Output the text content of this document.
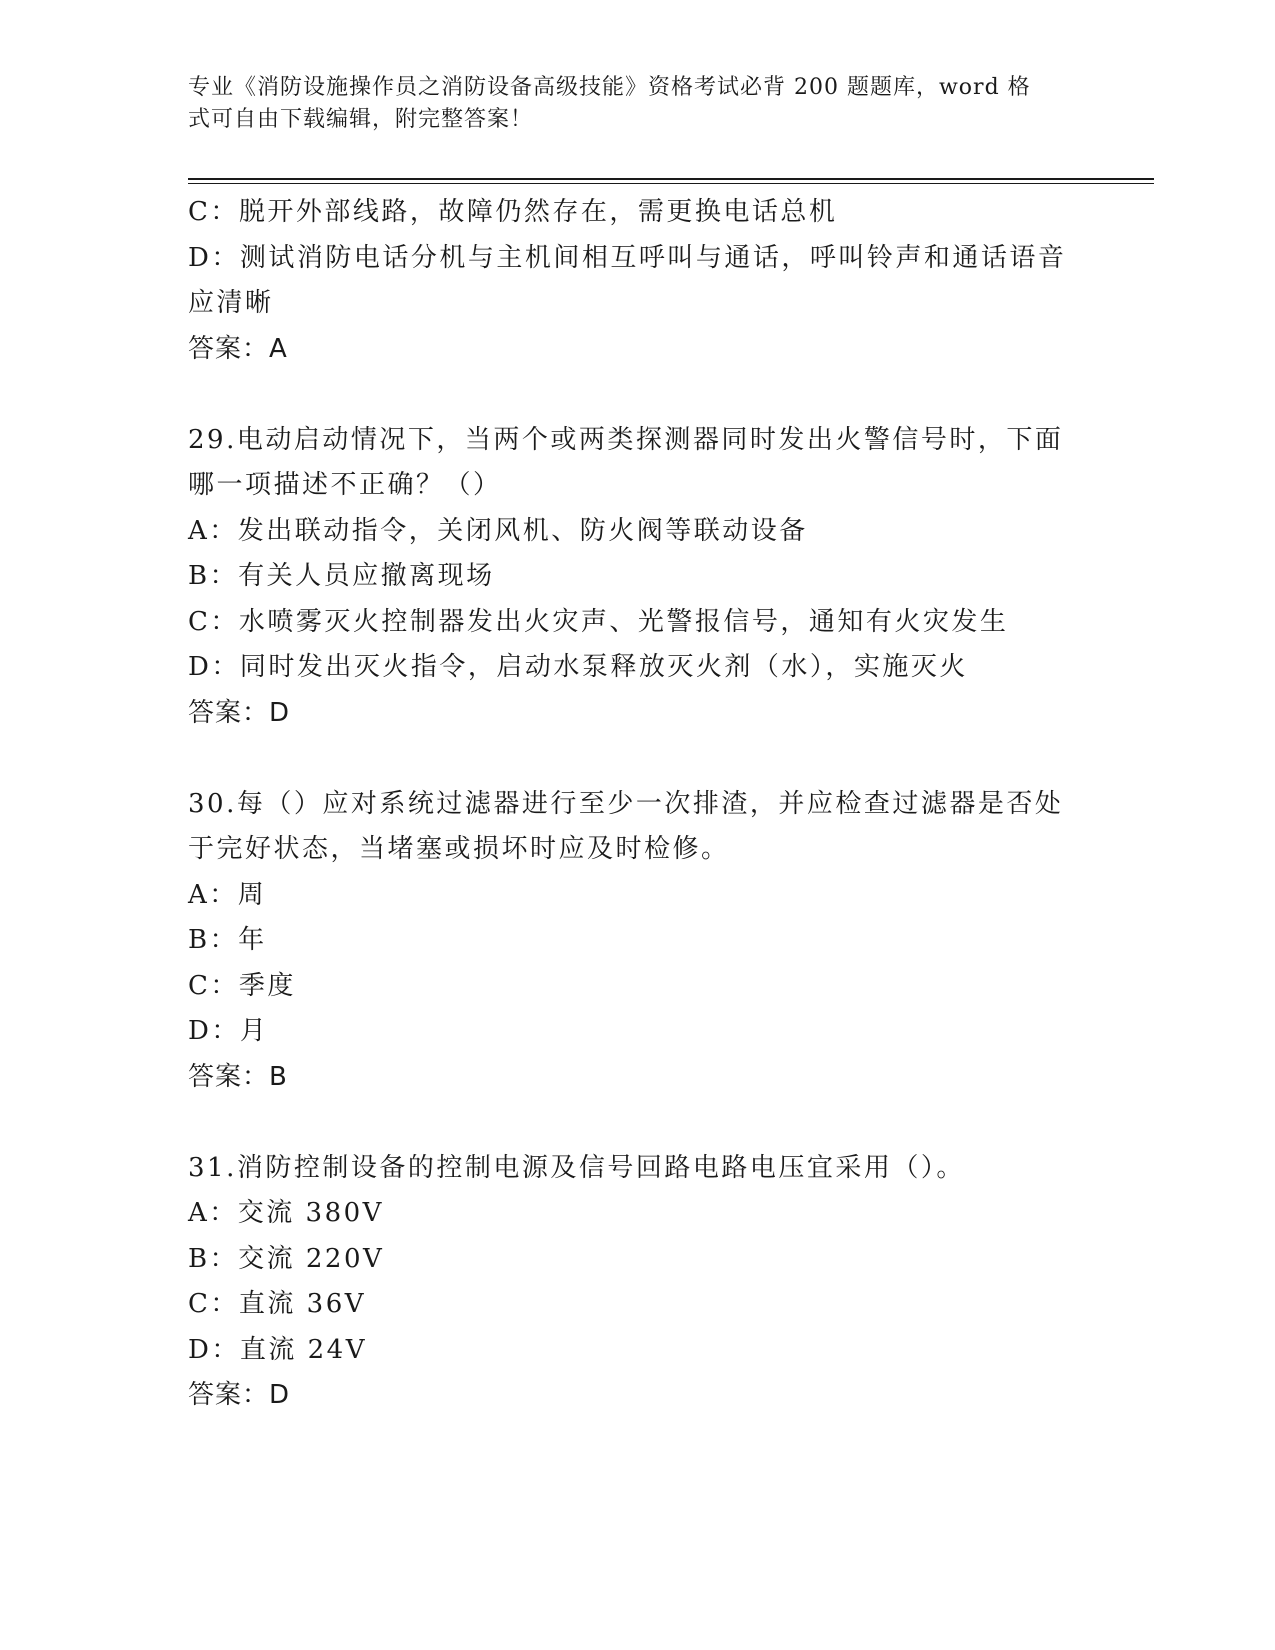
专业《消防设施操作员之消防设备高级技能》资格考试必背 200 题题库，word 格
式可自由下载编辑，附完整答案！
C：脱开外部线路，故障仍然存在，需更换电话总机
D：测试消防电话分机与主机间相互呼叫与通话，呼叫铃声和通话语音
应清晰
答案：A
29.电动启动情况下，当两个或两类探测器同时发出火警信号时，下面
哪一项描述不正确？（）
A：发出联动指令，关闭风机、防火阀等联动设备
B：有关人员应撤离现场
C：水喷雾灭火控制器发出火灾声、光警报信号，通知有火灾发生
D：同时发出灭火指令，启动水泵释放灭火剂（水），实施灭火
答案：D
30.每（）应对系统过滤器进行至少一次排渣，并应检查过滤器是否处
于完好状态，当堵塞或损坏时应及时检修。
A：周
B：年
C：季度
D：月
答案：B
31.消防控制设备的控制电源及信号回路电路电压宜采用（）。
A：交流 380V
B：交流 220V
C：直流 36V
D：直流 24V
答案：D
